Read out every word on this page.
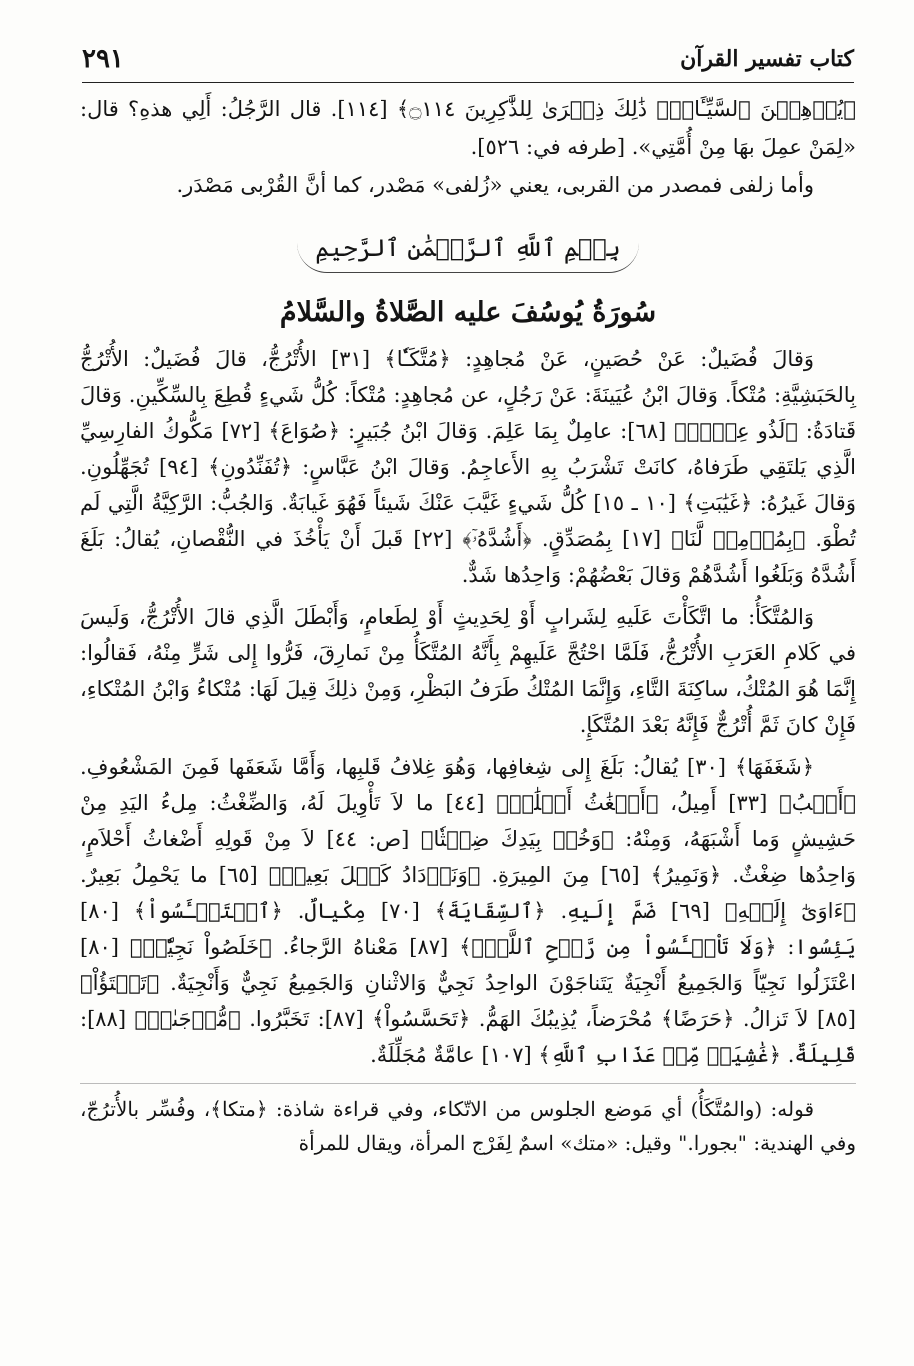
٢٩١	كتاب تفسير القرآن

﴿يُذۡهِبۡنَ ٱلسَّيِّـَٔاتِۚ ذَٰلِكَ ذِكۡرَىٰ لِلذَّٰكِرِينَ ۝١١٤﴾ [١١٤]. قال الرَّجُلُ: أَلِي هذهِ؟ قال: «لِمَنْ عمِلَ بهَا مِنْ أُمَّتِي». [طرفه في: ٥٢٦].

وأما زلفى فمصدر من القربى، يعني «زُلفى» مَصْدر، كما أنَّ القُرْبى مَصْدَر.

بِسۡمِ ٱللَّهِ ٱلرَّحۡمَٰنِ ٱلرَّحِيمِ
سُورَةُ يُوسُفَ عليه الصَّلاةُ والسَّلامُ

وَقالَ فُضَيلٌ: عَنْ حُصَينٍ، عَنْ مُجاهِدٍ: ﴿مُتَّكَـٔٗا﴾ [٣١] الأُتْرُجُّ، قالَ فُضَيلٌ: الأُتْرُجُّ بِالحَبَشِيَّةِ: مُتْكاً. وَقالَ ابْنُ عُيَينَةَ: عَنْ رَجُلٍ، عن مُجاهِدٍ: مُتْكاً: كُلُّ شَيءٍ قُطِعَ بِالسِّكِّينِ. وَقالَ قَتادَةُ: ﴿لَذُو عِلۡمٖ﴾ [٦٨]: عامِلٌ بِمَا عَلِمَ. وَقالَ ابْنُ جُبَيرٍ: ﴿صُوَاعَ﴾ [٧٢] مَكُّوكُ الفارِسِيِّ الَّذِي يَلتَقِي طَرَفاهُ، كانَتْ تَشْرَبُ بِهِ الأَعاجِمُ. وَقالَ ابْنُ عَبَّاسٍ: ﴿تُفَنِّدُونِ﴾ [٩٤] تُجَهِّلُونِ. وَقالَ غَيرُهُ: ﴿غَيَٰبَتِ﴾ [١٠ ـ ١٥] كُلُّ شَيءٍ غَيَّبَ عَنْكَ شَيئاً فَهُوَ غَيابَةٌ. وَالجُبُّ: الرَّكِيَّةُ الَّتِي لَم تُطْوَ. ﴿بِمُؤۡمِنٖ لَّنَا﴾ [١٧] بِمُصَدِّقٍ. ﴿أَشُدَّهُۥٓ﴾ [٢٢] قَبلَ أَنْ يَأْخُذَ في النُّقْصانِ، يُقالُ: بَلَغَ أَشُدَّهُ وَبَلَغُوا أَشُدَّهُمْ وَقالَ بَعْضُهُمْ: وَاحِدُها شَدٌّ.

وَالمُتَّكَأُ: ما اتَّكَأْتَ عَلَيهِ لِشَرابٍ أَوْ لِحَدِيثٍ أَوْ لِطَعامٍ، وَأَبْطَلَ الَّذِي قالَ الأُتْرُجُّ، وَلَيسَ في كَلامِ العَرَبِ الأُتْرُجُّ، فَلَمَّا احْتُجَّ عَلَيهِمْ بِأَنَّهُ المُتَّكَأُ مِنْ نَمارِقَ، فَرُّوا إِلى شَرٍّ مِنْهُ، فَقالُوا: إِنَّمَا هُوَ المُتْكُ، ساكِنَةَ التَّاءِ، وَإِنَّمَا المُتْكُ طَرَفُ البَظْرِ، وَمِنْ ذلِكَ قِيلَ لَهَا: مُتْكاءُ وَابْنُ المُتْكاءِ، فَإِنْ كانَ ثَمَّ أُتْرُجٌّ فَإِنَّهُ بَعْدَ المُتَّكَإِ.

﴿شَغَفَهَا﴾ [٣٠] يُقالُ: بَلَغَ إِلى شِغافِها، وَهُوَ غِلافُ قَلبِها، وَأَمَّا شَعَفَها فَمِنَ المَشْعُوفِ. ﴿أَصۡبُ﴾ [٣٣] أَمِيلُ، ﴿أَضۡغَٰثُ أَحۡلَٰمٖ﴾ [٤٤] ما لاَ تَأْوِيلَ لَهُ، وَالضِّغْثُ: مِلءُ اليَدِ مِنْ حَشِيشٍ وَما أَشْبَهَهُ، وَمِنْهُ: ﴿وَخُذۡ بِيَدِكَ ضِغۡثٗا﴾ [ص: ٤٤] لاَ مِنْ قَولِهِ أَضْغاثُ أَحْلاَمٍ، وَاحِدُها ضِغْثٌ. ﴿وَنَمِيرُ﴾ [٦٥] مِنَ المِيرَةِ. ﴿وَنَزۡدَادُ كَيۡلَ بَعِيرٖ﴾ [٦٥] ما يَحْمِلُ بَعِيرٌ. ﴿ءَاوَىٰٓ إِلَيۡهِ﴾ [٦٩] ضَمَّ إِلَيهِ. ﴿ٱلسِّقَايَةَ﴾ [٧٠] مِكْيالٌ. ﴿ٱسۡتَيۡـَٔسُواْ﴾ [٨٠] يَئِسُوا: ﴿وَلَا تَاْيۡـَٔسُواْ مِن رَّوۡحِ ٱللَّهِۖ﴾ [٨٧] مَعْناهُ الرَّجاءُ. ﴿خَلَصُواْ نَجِيّٗاۖ﴾ [٨٠] اعْتَزَلُوا نَجِيّاً وَالجَمِيعُ أَنْجِيَةٌ يَتَناجَوْنَ الواحِدُ نَجِيٌّ وَالاثْنانِ وَالجَمِيعُ نَجِيٌّ وَأَنْجِيَةٌ. ﴿تَفۡتَؤُاْ﴾ [٨٥] لاَ تَزالُ. ﴿حَرَضًا﴾ مُحْرَضاً، يُذِيبُكَ الهَمُّ. ﴿تَحَسَّسُواْ﴾ [٨٧]: تَخَبَّرُوا. ﴿مُّزۡجَىٰةٖ﴾ [٨٨]: قَلِيلَةٌ. ﴿غَٰشِيَةٞ مِّنۡ عَذَابِ ٱللَّهِ﴾ [١٠٧] عامَّةٌ مُجَلِّلَةٌ.

قوله: (والمُتَّكَأُ) أي مَوضع الجلوس من الاتّكاء، وفي قراءة شاذة: ﴿متكا﴾، وفُسِّر بالأُترُجّ، وفي الهندية: "بجورا." وقيل: «متك» اسمٌ لِفَرْج المرأة، ويقال للمرأة
